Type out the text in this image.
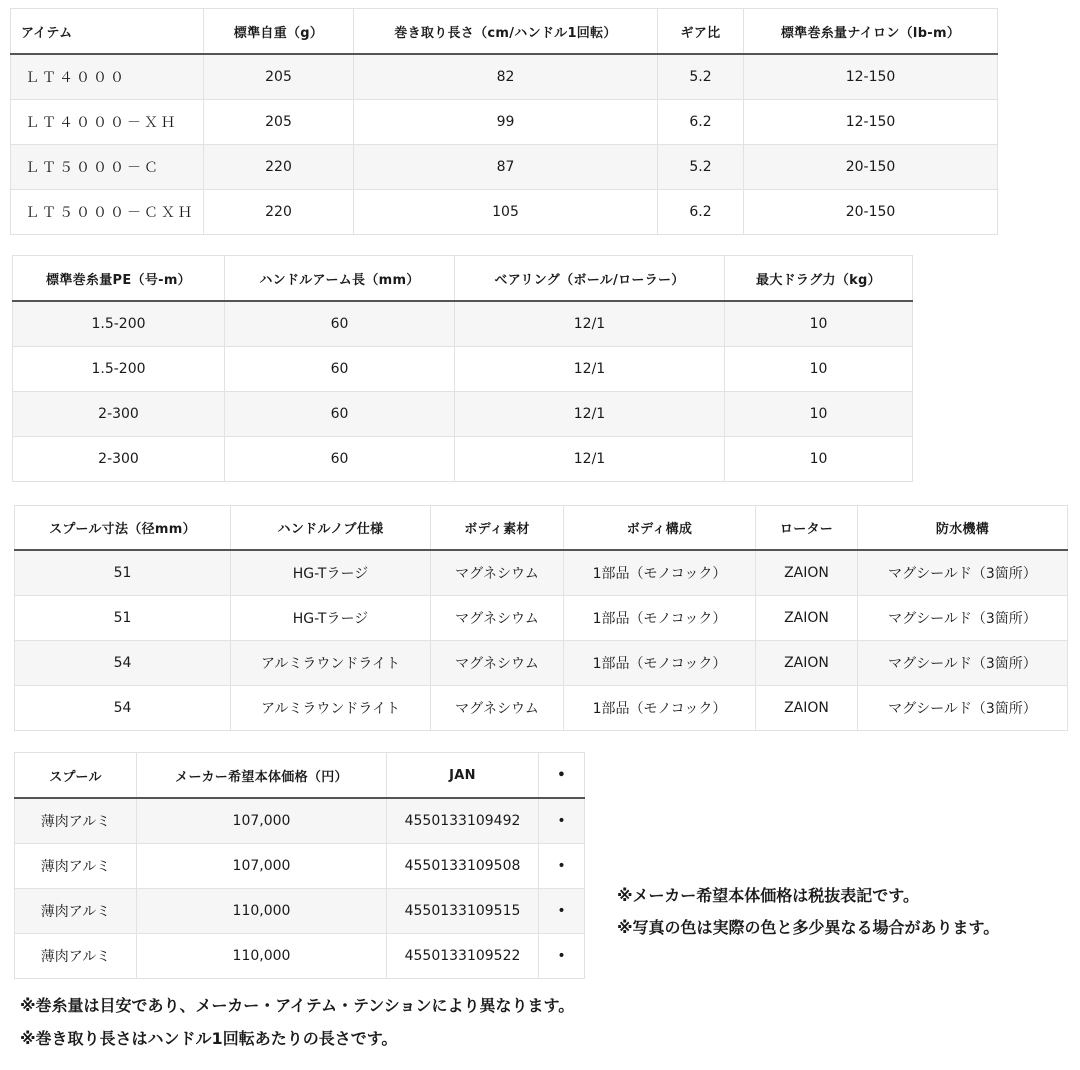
アイテム	標準自重（g）	巻き取り長さ（cm/ハンドル1回転）	ギア比	標準巻糸量ナイロン（lb-m）
ＬＴ４０００	205	82	5.2	12-150
ＬＴ４０００－ＸＨ	205	99	6.2	12-150
ＬＴ５０００－Ｃ	220	87	5.2	20-150
ＬＴ５０００－ＣＸＨ	220	105	6.2	20-150
標準巻糸量PE（号-m）	ハンドルアーム長（mm）	ベアリング（ボール/ローラー）	最大ドラグ力（kg）
1.5-200	60	12/1	10
1.5-200	60	12/1	10
2-300	60	12/1	10
2-300	60	12/1	10
スプール寸法（径mm）	ハンドルノブ仕様	ボディ素材	ボディ構成	ローター	防水機構
51	HG-Tラージ	マグネシウム	1部品（モノコック）	ZAION	マグシールド（3箇所）
51	HG-Tラージ	マグネシウム	1部品（モノコック）	ZAION	マグシールド（3箇所）
54	アルミラウンドライト	マグネシウム	1部品（モノコック）	ZAION	マグシールド（3箇所）
54	アルミラウンドライト	マグネシウム	1部品（モノコック）	ZAION	マグシールド（3箇所）
スプール	メーカー希望本体価格（円）	JAN	•
薄肉アルミ	107,000	4550133109492	•
薄肉アルミ	107,000	4550133109508	•
薄肉アルミ	110,000	4550133109515	•
薄肉アルミ	110,000	4550133109522	•
※メーカー希望本体価格は税抜表記です。
※写真の色は実際の色と多少異なる場合があります。
※巻糸量は目安であり、メーカー・アイテム・テンションにより異なります。
※巻き取り長さはハンドル1回転あたりの長さです。
